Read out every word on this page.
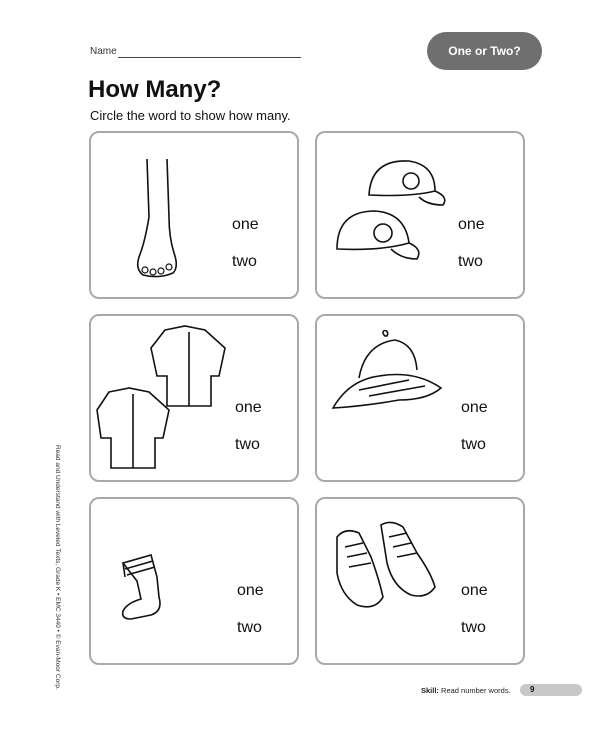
Name	One or Two?
How Many?
Circle the word to show how many.
one
two
one
two
one
two
one
two
one
two
one
two
Read and Understand with Leveled Texts, Grade K • EMC 3440 • © Evan-Moor Corp.
Skill: Read number words. 9
